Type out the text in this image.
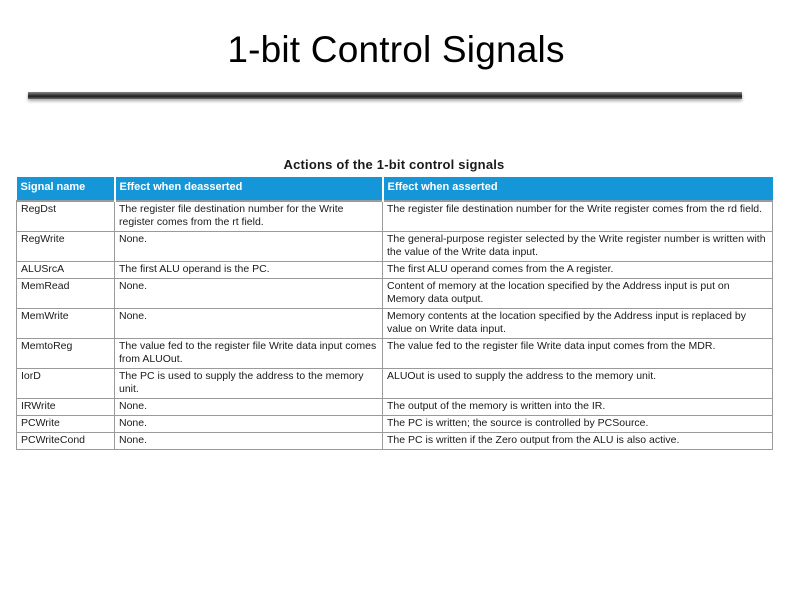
1-bit Control Signals
Actions of the 1-bit control signals
Signal name	Effect when deasserted	Effect when asserted
RegDst	The register file destination number for the Write register comes from the rt field.	The register file destination number for the Write register comes from the rd field.
RegWrite	None.	The general-purpose register selected by the Write register number is written with the value of the Write data input.
ALUSrcA	The first ALU operand is the PC.	The first ALU operand comes from the A register.
MemRead	None.	Content of memory at the location specified by the Address input is put on Memory data output.
MemWrite	None.	Memory contents at the location specified by the Address input is replaced by value on Write data input.
MemtoReg	The value fed to the register file Write data input comes from ALUOut.	The value fed to the register file Write data input comes from the MDR.
IorD	The PC is used to supply the address to the memory unit.	ALUOut is used to supply the address to the memory unit.
IRWrite	None.	The output of the memory is written into the IR.
PCWrite	None.	The PC is written; the source is controlled by PCSource.
PCWriteCond	None.	The PC is written if the Zero output from the ALU is also active.
